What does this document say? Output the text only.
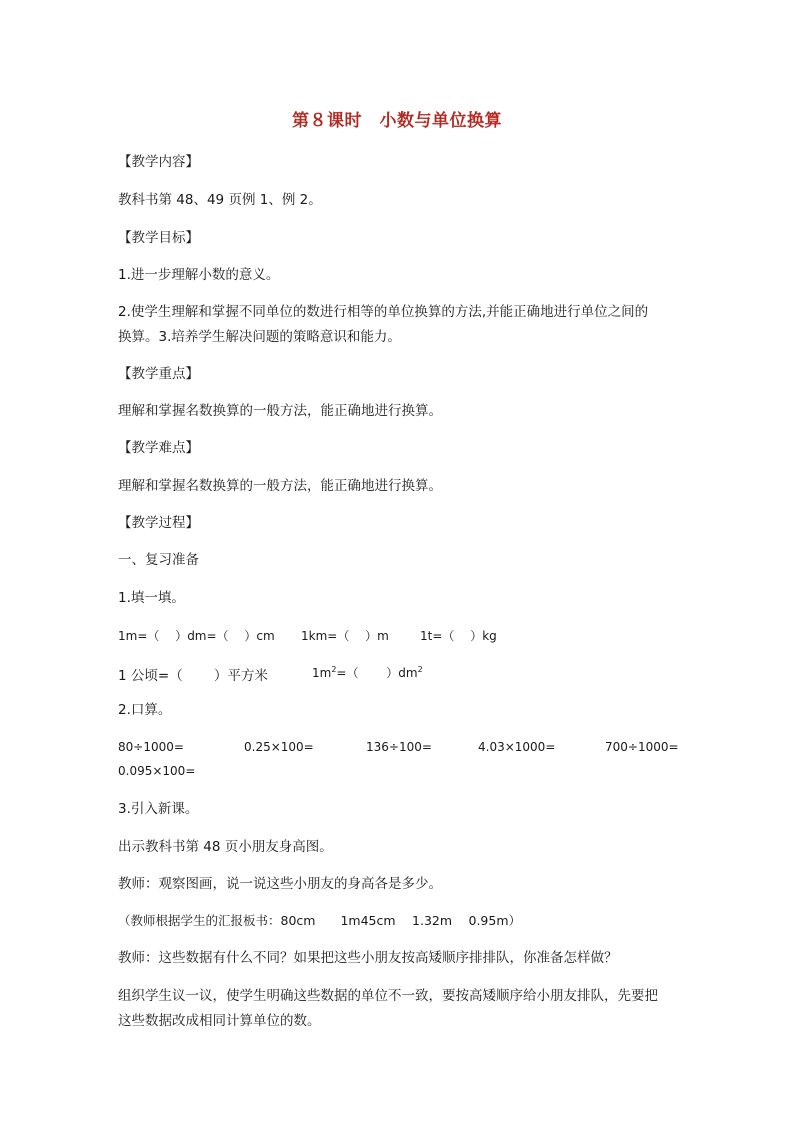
第８课时　小数与单位换算
【教学内容】
教科书第 48、49 页例 1、例 2。
【教学目标】
1.进一步理解小数的意义。
2.使学生理解和掌握不同单位的数进行相等的单位换算的方法,并能正确地进行单位之间的
换算。3.培养学生解决问题的策略意识和能力。
【教学重点】
理解和掌握名数换算的一般方法，能正确地进行换算。
【教学难点】
理解和掌握名数换算的一般方法，能正确地进行换算。
【教学过程】
一、复习准备
1.填一填。
1m=（　 ）dm=（　 ）cm 1km=（　 ）m	1t=（　 ）kg
1 公顷=（　　 ）平方米	$1m^2=$（　　 ）$dm^2$
2.口算。
80÷1000=	0.25×100=	136÷100=	4.03×1000=	700÷1000=
0.095×100=
3.引入新课。
出示教科书第 48 页小朋友身高图。
教师：观察图画，说一说这些小朋友的身高各是多少。
（教师根据学生的汇报板书：80cm　　1m45cm　 1.32m　 0.95m）
教师：这些数据有什么不同？如果把这些小朋友按高矮顺序排排队，你准备怎样做？
组织学生议一议，使学生明确这些数据的单位不一致，要按高矮顺序给小朋友排队，先要把
这些数据改成相同计算单位的数。
